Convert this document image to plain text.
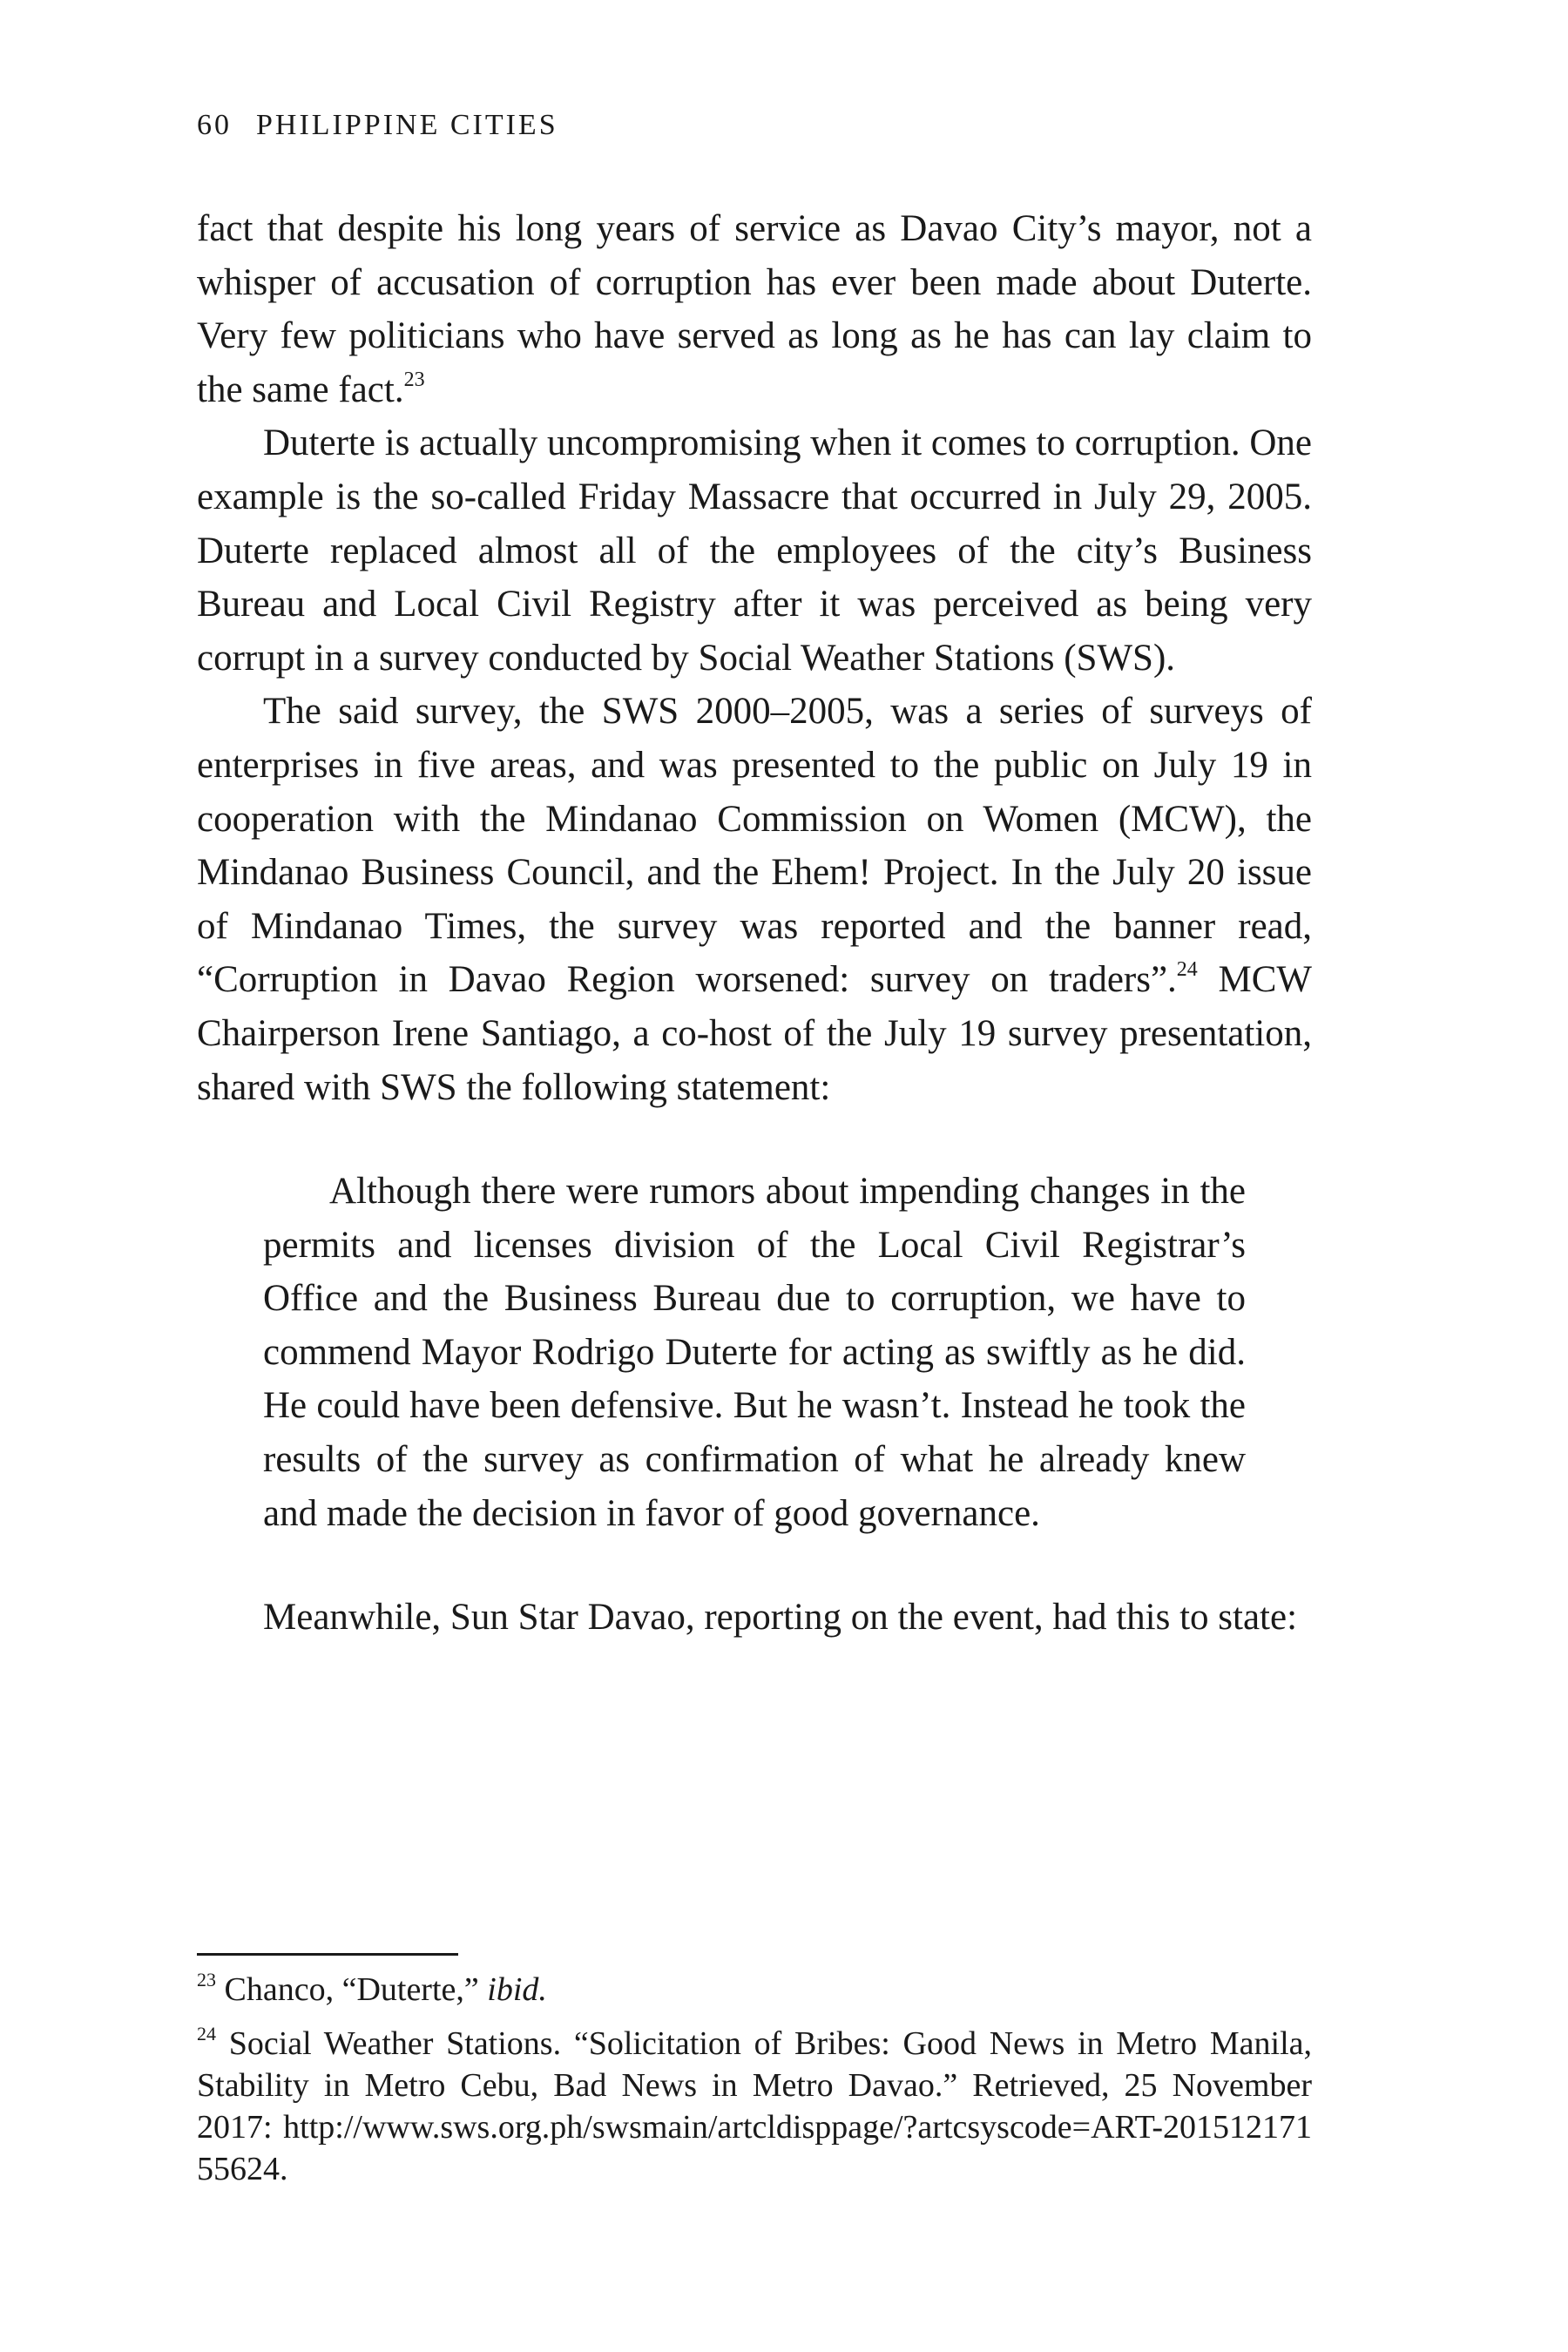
60 PHILIPPINE CITIES

fact that despite his long years of service as Davao City’s mayor, not a whisper of accusation of corruption has ever been made about Duterte. Very few politicians who have served as long as he has can lay claim to the same fact.$^{23}$

Duterte is actually uncompromising when it comes to corruption. One example is the so-called Friday Massacre that occurred in July 29, 2005. Duterte replaced almost all of the employees of the city’s Business Bureau and Local Civil Registry after it was perceived as being very corrupt in a survey conducted by Social Weather Stations (SWS).

The said survey, the SWS 2000–2005, was a series of surveys of enterprises in five areas, and was presented to the public on July 19 in cooperation with the Mindanao Commission on Women (MCW), the Mindanao Business Council, and the Ehem! Project. In the July 20 issue of Mindanao Times, the survey was reported and the banner read, “Corruption in Davao Region worsened: survey on traders”.$^{24}$ MCW Chairperson Irene Santiago, a co-host of the July 19 survey presentation, shared with SWS the following statement:

Although there were rumors about impending changes in the permits and licenses division of the Local Civil Registrar’s Office and the Business Bureau due to corruption, we have to commend Mayor Rodrigo Duterte for acting as swiftly as he did. He could have been defensive. But he wasn’t. Instead he took the results of the survey as confirmation of what he already knew and made the decision in favor of good governance.

Meanwhile, Sun Star Davao, reporting on the event, had this to state:

$^{23}$ Chanco, “Duterte,” ibid.

$^{24}$ Social Weather Stations. “Solicitation of Bribes: Good News in Metro Manila, Stability in Metro Cebu, Bad News in Metro Davao.” Retrieved, 25 November 2017: http://www.sws.org.ph/swsmain/artcldisppage/?artcsyscode=ART-20151217155624.
